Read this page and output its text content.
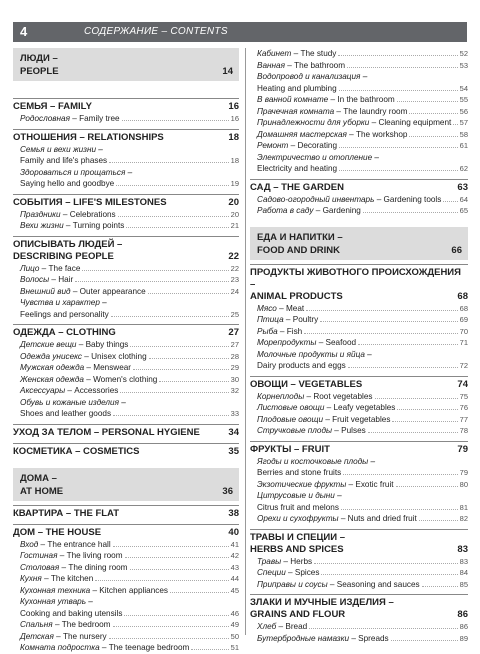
4	СОДЕРЖАНИЕ – CONTENTS
ЛЮДИ –
PEOPLE	14
СЕМЬЯ – FAMILY	16
Родословная – Family tree	16
ОТНОШЕНИЯ – RELATIONSHIPS	18
Семья и вехи жизни –
Family and life's phases	18
Здороваться и прощаться –
Saying hello and goodbye	19
СОБЫТИЯ – LIFE'S MILESTONES	20
Праздники – Celebrations	20
Вехи жизни – Turning points	21
ОПИСЫВАТЬ ЛЮДЕЙ –
DESCRIBING PEOPLE	22
Лицо – The face	22
Волосы – Hair	23
Внешний вид – Outer appearance	24
Чувства и характер –
Feelings and personality	25
ОДЕЖДА – CLOTHING	27
Детские вещи – Baby things	27
Одежда унисекс – Unisex clothing	28
Мужская одежда – Menswear	29
Женская одежда – Women's clothing	30
Аксессуары – Accessories	32
Обувь и кожаные изделия –
Shoes and leather goods	33
УХОД ЗА ТЕЛОМ – PERSONAL HYGIENE	34
КОСМЕТИКА – COSMETICS	35
ДОМА –
AT HOME	36
КВАРТИРА – THE FLAT	38
ДОМ – THE HOUSE	40
Вход – The entrance hall	41
Гостиная – The living room	42
Столовая – The dining room	43
Кухня – The kitchen	44
Кухонная техника – Kitchen appliances	45
Кухонная утварь –
Cooking and baking utensils	46
Спальня – The bedroom	49
Детская – The nursery	50
Комната подростка – The teenage bedroom	51
Кабинет – The study	52
Ванная – The bathroom	53
Водопровод и канализация –
Heating and plumbing	54
В ванной комнате – In the bathroom	55
Прачечная комната – The laundry room	56
Принадлежности для уборки – Cleaning equipment 57
Домашняя мастерская – The workshop	58
Ремонт – Decorating	61
Электричество и отопление –
Electricity and heating	62
САД – THE GARDEN	63
Садово-огородный инвентарь – Gardening tools 64
Работа в саду – Gardening	65
ЕДА И НАПИТКИ –
FOOD AND DRINK	66
ПРОДУКТЫ ЖИВОТНОГО ПРОИСХОЖДЕНИЯ –
ANIMAL PRODUCTS	68
Мясо – Meat	68
Птица – Poultry	69
Рыба – Fish	70
Морепродукты – Seafood	71
Молочные продукты и яйца –
Dairy products and eggs	72
ОВОЩИ – VEGETABLES	74
Корнеплоды – Root vegetables	75
Листовые овощи – Leafy vegetables	76
Плодовые овощи – Fruit vegetables	77
Стручковые плоды – Pulses	78
ФРУКТЫ – FRUIT	79
Ягоды и косточковые плоды –
Berries and stone fruits	79
Экзотические фрукты – Exotic fruit	80
Цитрусовые и дыни –
Citrus fruit and melons	81
Орехи и сухофрукты – Nuts and dried fruit	82
ТРАВЫ И СПЕЦИИ –
HERBS AND SPICES	83
Травы – Herbs	83
Специи – Spices	84
Приправы и соусы – Seasoning and sauces	85
ЗЛАКИ И МУЧНЫЕ ИЗДЕЛИЯ –
GRAINS AND FLOUR	86
Хлеб – Bread	86
Бутербродные намазки – Spreads	89
